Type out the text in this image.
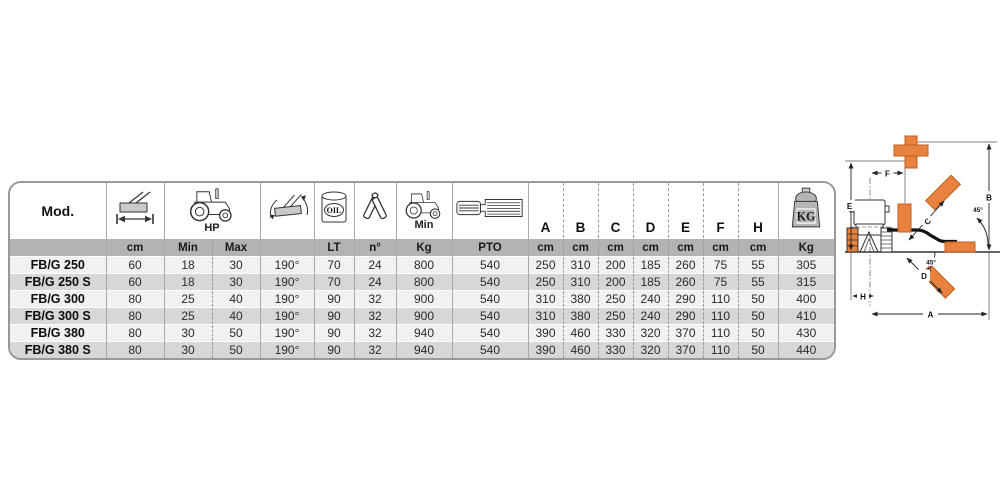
Mod.		HP			OIL		Min		A	B	C	D	E	F	H	KG

	cm	Min	Max		LT	n°	Kg	PTO	cm	cm	cm	cm	cm	cm	cm	Kg
FB/G 250	60	18	30	190°	70	24	800	540	250	310	200	185	260	75	55	305
FB/G 250 S	60	18	30	190°	70	24	800	540	250	310	200	185	260	75	55	315
FB/G 300	80	25	40	190°	90	32	900	540	310	380	250	240	290	110	50	400
FB/G 300 S	80	25	40	190°	90	32	900	540	310	380	250	240	290	110	50	410
FB/G 380	80	30	50	190°	90	32	940	540	390	460	330	320	370	110	50	430
FB/G 380 S	80	30	50	190°	90	32	940	540	390	460	330	320	370	110	50	440
E
B
F
A
H
C
D
45°
45°
